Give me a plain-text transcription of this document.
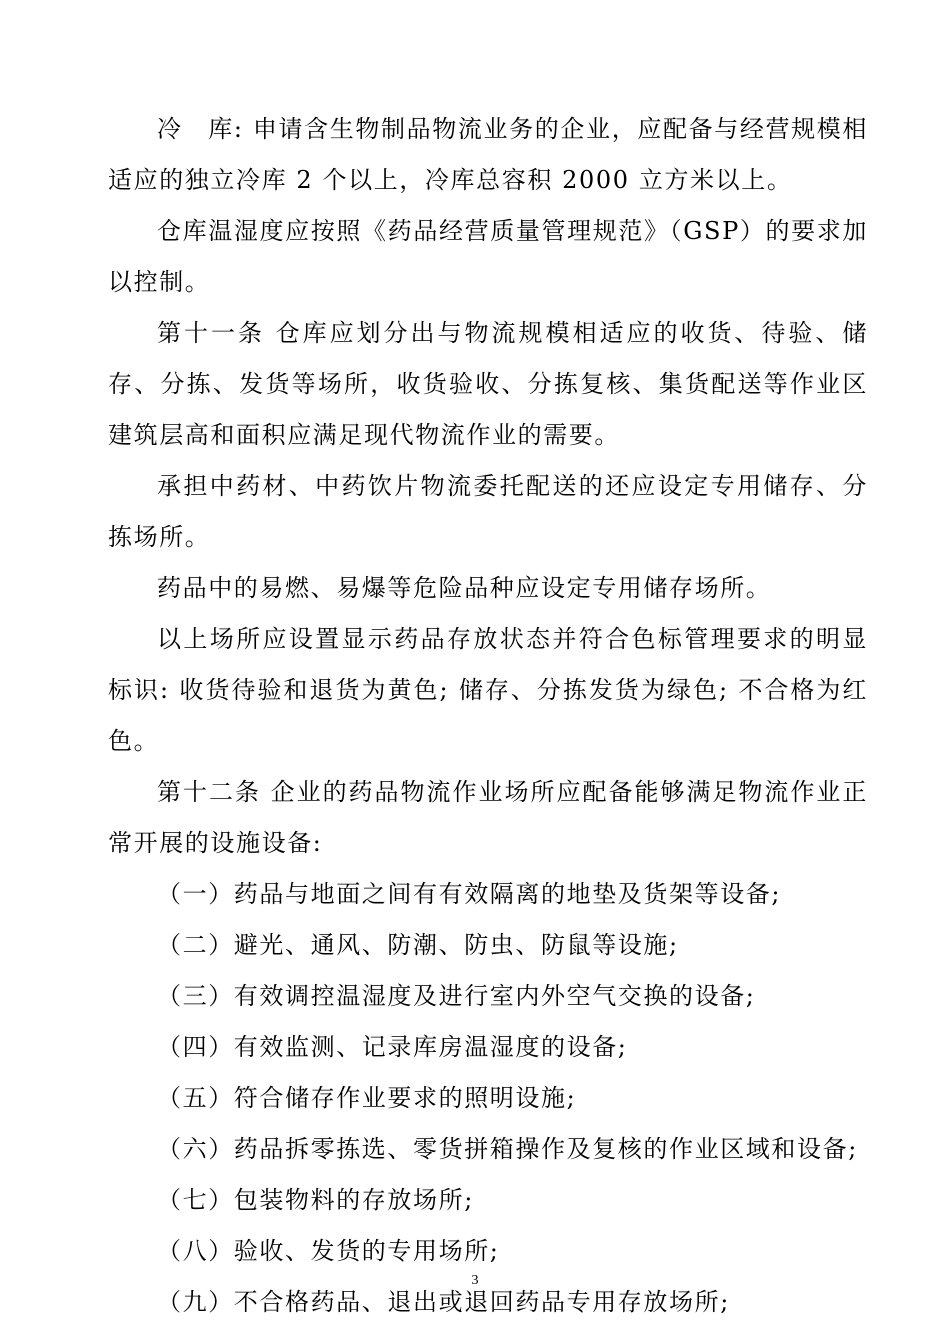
冷　库: 申请含生物制品物流业务的企业，应配备与经营规模相适应的独立冷库 2 个以上，冷库总容积 2000 立方米以上。

仓库温湿度应按照《药品经营质量管理规范》（GSP）的要求加以控制。

第十一条 仓库应划分出与物流规模相适应的收货、待验、储存、分拣、发货等场所，收货验收、分拣复核、集货配送等作业区建筑层高和面积应满足现代物流作业的需要。

承担中药材、中药饮片物流委托配送的还应设定专用储存、分拣场所。

药品中的易燃、易爆等危险品种应设定专用储存场所。

以上场所应设置显示药品存放状态并符合色标管理要求的明显标识: 收货待验和退货为黄色; 储存、分拣发货为绿色; 不合格为红色。

第十二条 企业的药品物流作业场所应配备能够满足物流作业正常开展的设施设备:

（一）药品与地面之间有有效隔离的地垫及货架等设备;

（二）避光、通风、防潮、防虫、防鼠等设施;

（三）有效调控温湿度及进行室内外空气交换的设备;

（四）有效监测、记录库房温湿度的设备;

（五）符合储存作业要求的照明设施;

（六）药品拆零拣选、零货拼箱操作及复核的作业区域和设备;

（七）包装物料的存放场所;

（八）验收、发货的专用场所;

（九）不合格药品、退出或退回药品专用存放场所;

3
